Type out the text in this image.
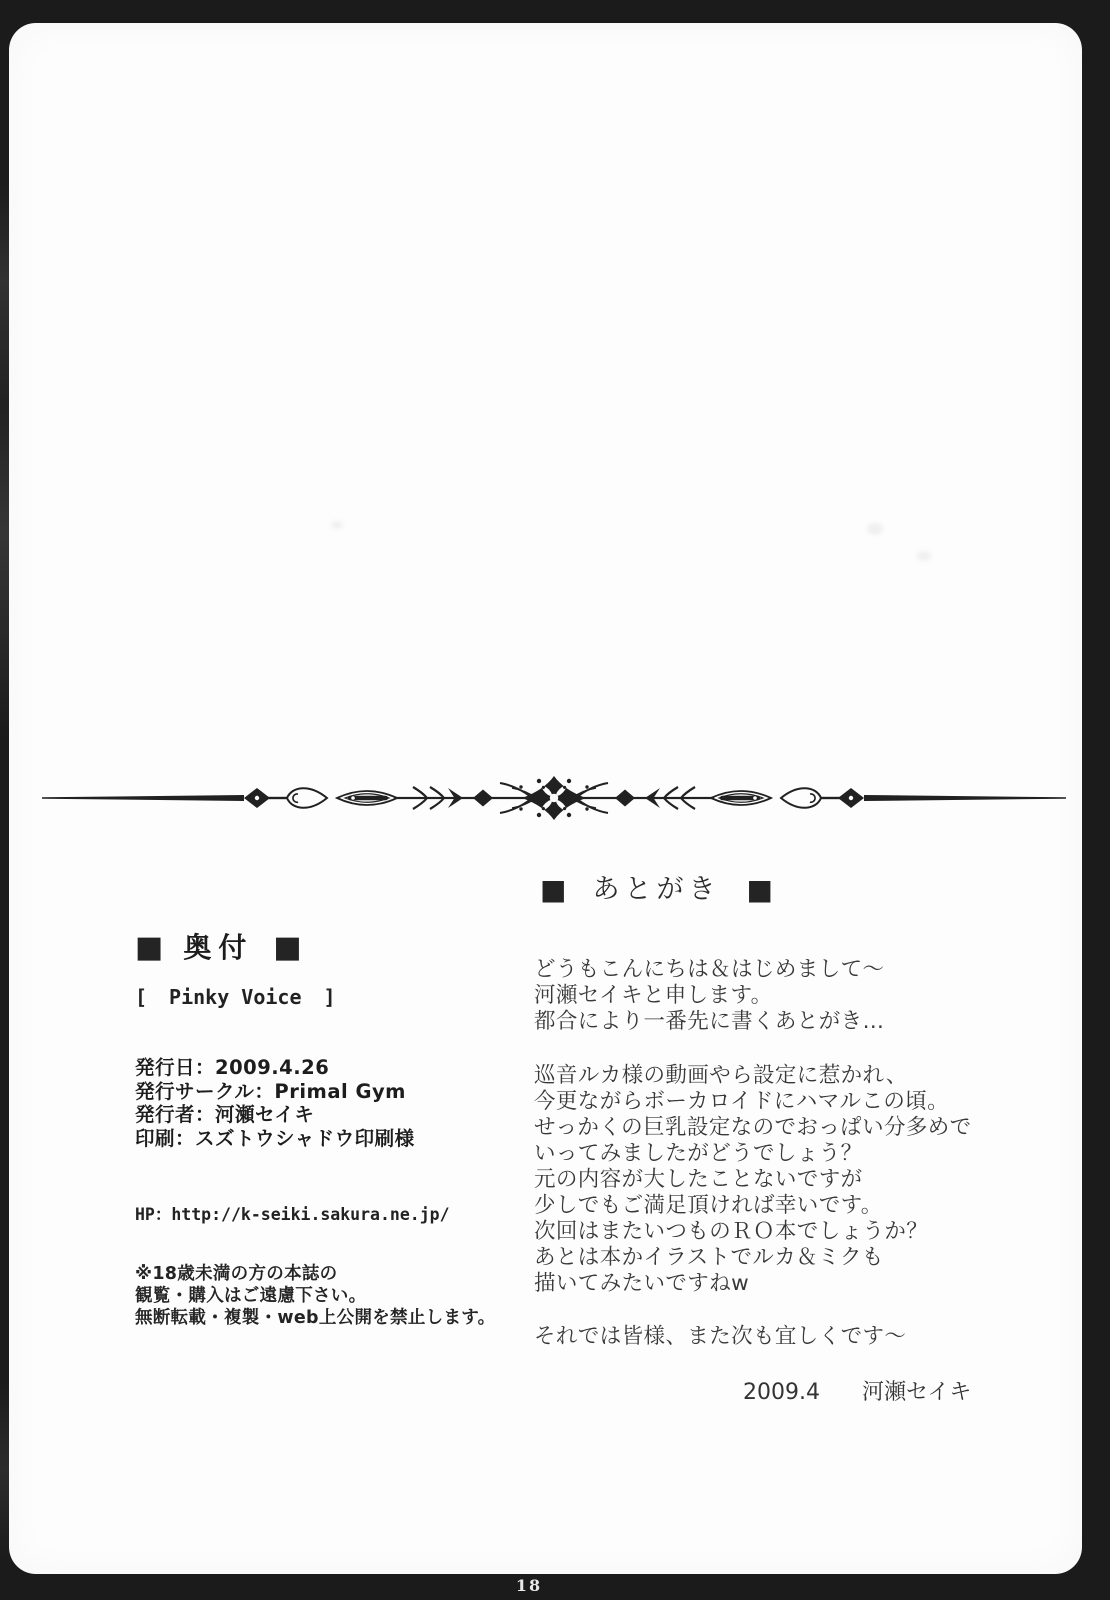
■ あとがき ■
どうもこんにちは＆はじめまして～
河瀬セイキと申します。
都合により一番先に書くあとがき…
巡音ルカ様の動画やら設定に惹かれ、
今更ながらボーカロイドにハマルこの頃。
せっかくの巨乳設定なのでおっぱい分多めで
いってみましたがどうでしょう？
元の内容が大したことないですが
少しでもご満足頂ければ幸いです。
次回はまたいつものＲＯ本でしょうか？
あとは本かイラストでルカ＆ミクも
描いてみたいですねw
それでは皆様、また次も宜しくです～
2009.4 河瀬セイキ
■ 奥付 ■
[ Pinky Voice ]
発行日：2009.4.26
発行サークル：Primal Gym
発行者：河瀬セイキ
印刷：スズトウシャドウ印刷様
HP：http://k-seiki.sakura.ne.jp/
※18歳未満の方の本誌の
観覧・購入はご遠慮下さい。
無断転載・複製・web上公開を禁止します。
18
